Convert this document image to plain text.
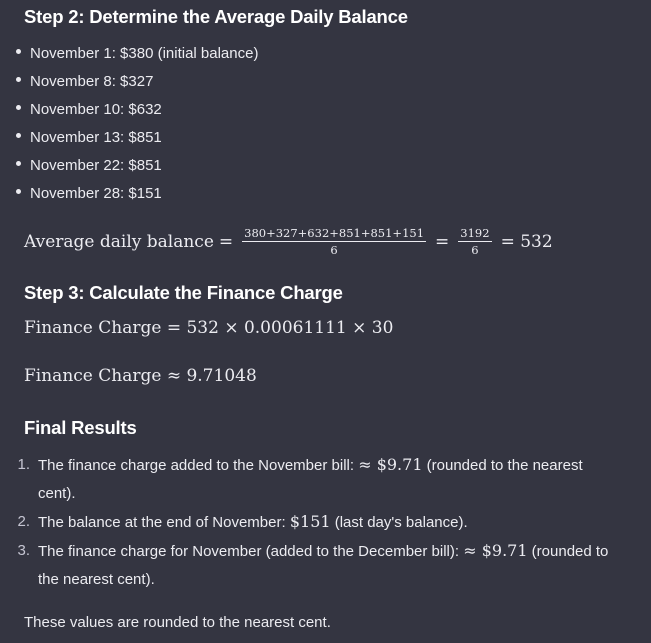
Step 2: Determine the Average Daily Balance
November 1: $380 (initial balance)
November 8: $327
November 10: $632
November 13: $851
November 22: $851
November 28: $151
Average daily balance = $\frac{380+327+632+851+851+151}{6} = \frac{3192}{6} = 532$
Step 3: Calculate the Finance Charge
Finance Charge = 532 × 0.00061111 × 30
Finance Charge ≈ 9.71048
Final Results
1. The finance charge added to the November bill: ≈ $9.71 (rounded to the nearest
cent).
2. The balance at the end of November: $151 (last day's balance).
3. The finance charge for November (added to the December bill): ≈ $9.71 (rounded to
the nearest cent).
These values are rounded to the nearest cent.
